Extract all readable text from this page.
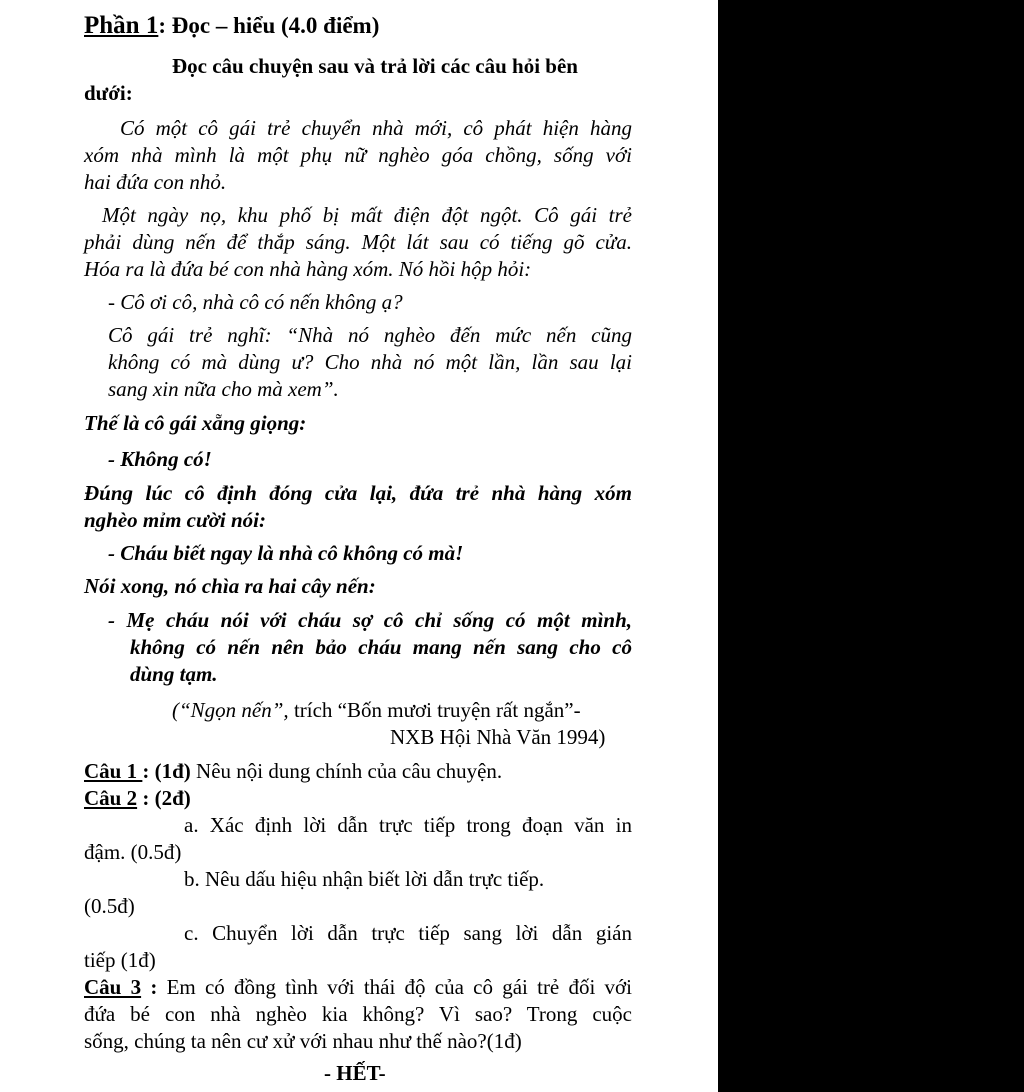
Phần 1: Đọc – hiểu (4.0 điểm)
Đọc câu chuyện sau và trả lời các câu hỏi bên
dưới:
Có một cô gái trẻ chuyển nhà mới, cô phát hiện hàng
xóm nhà mình là một phụ nữ nghèo góa chồng, sống với
hai đứa con nhỏ.
Một ngày nọ, khu phố bị mất điện đột ngột. Cô gái trẻ
phải dùng nến để thắp sáng. Một lát sau có tiếng gõ cửa.
Hóa ra là đứa bé con nhà hàng xóm. Nó hồi hộp hỏi:
- Cô ơi cô, nhà cô có nến không ạ?
Cô gái trẻ nghĩ: “Nhà nó nghèo đến mức nến cũng
không có mà dùng ư? Cho nhà nó một lần, lần sau lại
sang xin nữa cho mà xem”.
Thế là cô gái xẵng giọng:
- Không có!
Đúng lúc cô định đóng cửa lại, đứa trẻ nhà hàng xóm
nghèo mỉm cười nói:
- Cháu biết ngay là nhà cô không có mà!
Nói xong, nó chìa ra hai cây nến:
- Mẹ cháu nói với cháu sợ cô chỉ sống có một mình,
không có nến nên bảo cháu mang nến sang cho cô
dùng tạm.
(“Ngọn nến”, trích “Bốn mươi truyện rất ngắn”-
NXB Hội Nhà Văn 1994)
Câu 1 : (1đ) Nêu nội dung chính của câu chuyện.
Câu 2 : (2đ)
a. Xác định lời dẫn trực tiếp trong đoạn văn in
đậm. (0.5đ)
b. Nêu dấu hiệu nhận biết lời dẫn trực tiếp.
(0.5đ)
c. Chuyển lời dẫn trực tiếp sang lời dẫn gián
tiếp (1đ)
Câu 3 : Em có đồng tình với thái độ của cô gái trẻ đối với
đứa bé con nhà nghèo kia không? Vì sao? Trong cuộc
sống, chúng ta nên cư xử với nhau như thế nào?(1đ)
- HẾT-
